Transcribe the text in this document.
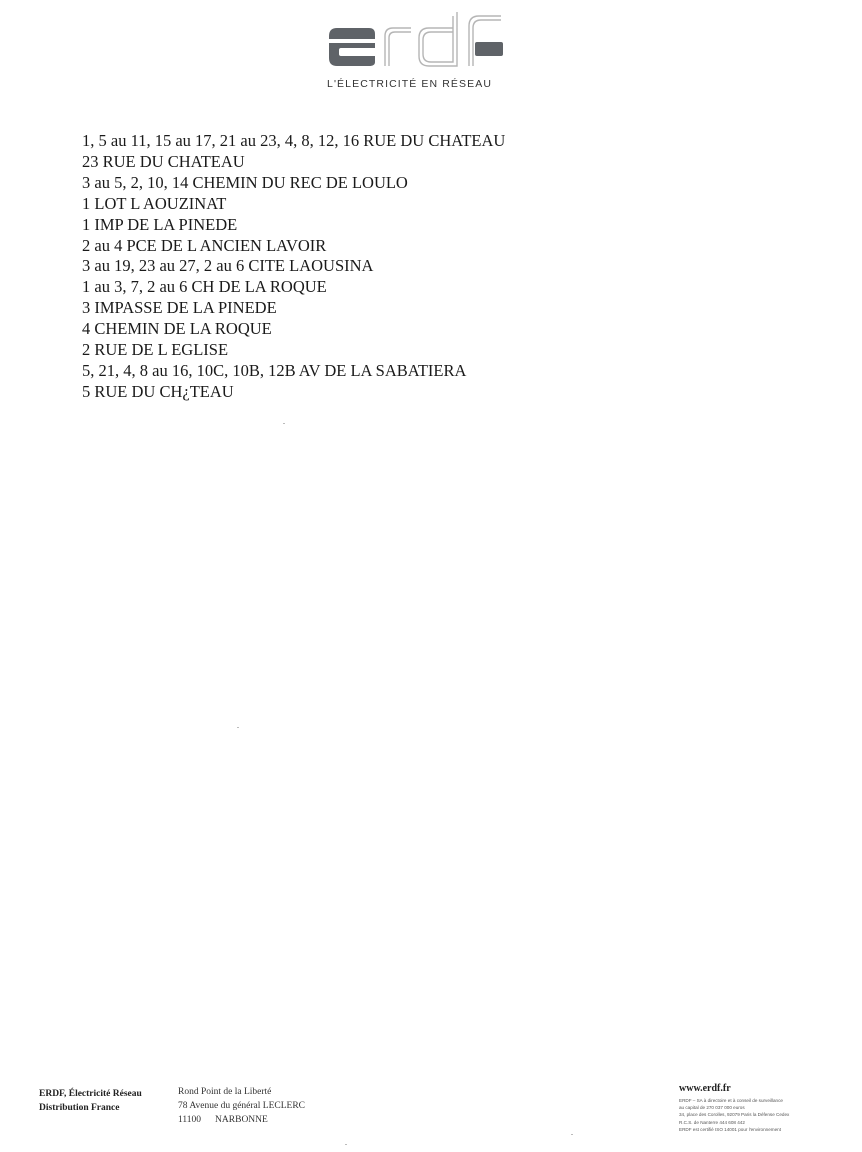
L'ÉLECTRICITÉ EN RÉSEAU
1, 5 au 11, 15 au 17, 21 au 23, 4, 8, 12, 16 RUE DU CHATEAU
23 RUE DU CHATEAU
3 au 5, 2, 10, 14 CHEMIN DU REC DE LOULO
1 LOT L AOUZINAT
1 IMP DE LA PINEDE
2 au 4 PCE DE L ANCIEN LAVOIR
3 au 19, 23 au 27, 2 au 6 CITE LAOUSINA
1 au 3, 7, 2 au 6 CH DE LA ROQUE
3 IMPASSE DE LA PINEDE
4 CHEMIN DE LA ROQUE
2 RUE DE L EGLISE
5, 21, 4, 8 au 16, 10C, 10B, 12B AV DE LA SABATIERA
5 RUE DU CH¿TEAU
ERDF, Électricité Réseau
Distribution France
Rond Point de la Liberté
78 Avenue du général LECLERC
11100 NARBONNE
www.erdf.fr
ERDF – SA à directoire et à conseil de surveillance
au capital de 270 037 000 euros
34, place des Corolles, 92079 Paris la Défense Cedex
R.C.S. de Nanterre 444 608 442
ERDF est certifié ISO 14001 pour l'environnement
